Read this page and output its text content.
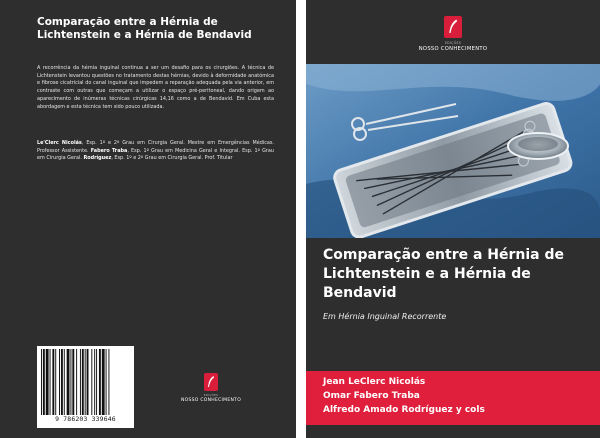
Comparação entre a Hérnia de Lichtenstein e a Hérnia de Bendavid
A recorrência da hérnia inguinal continua a ser um desafio para os cirurgiões. A técnica de Lichtenstein levantou questões no tratamento destas hérnias, devido à deformidade anatómica e fibrose cicatricial do canal inguinal que impedem a reparação adequada pela via anterior, em contraste com outras que começam a utilizar o espaço pré-peritoneal, dando origem ao aparecimento de inúmeras técnicas cirúrgicas 14,16 como a de Bendavid. Em Cuba esta abordagem e esta técnica tem sido pouco utilizada.
Le'Clerc Nicolás, Esp. 1º e 2º Grau em Cirurgia Geral. Mestre em Emergências Médicas. Professor Assistente. Fabero Traba, Esp. 1º Grau em Medicina Geral e Integral. Esp. 1º Grau em Cirurgia Geral. Rodríguez, Esp. 1º e 2º Grau em Cirurgia Geral. Prof. Titular
9 786203 339646
EDIÇÕES
NOSSO CONHECIMENTO
EDIÇÕES
NOSSO CONHECIMENTO
Comparação entre a Hérnia de Lichtenstein e a Hérnia de Bendavid
Em Hérnia Inguinal Recorrente
Jean LeClerc Nicolás
Omar Fabero Traba
Alfredo Amado Rodríguez y cols
